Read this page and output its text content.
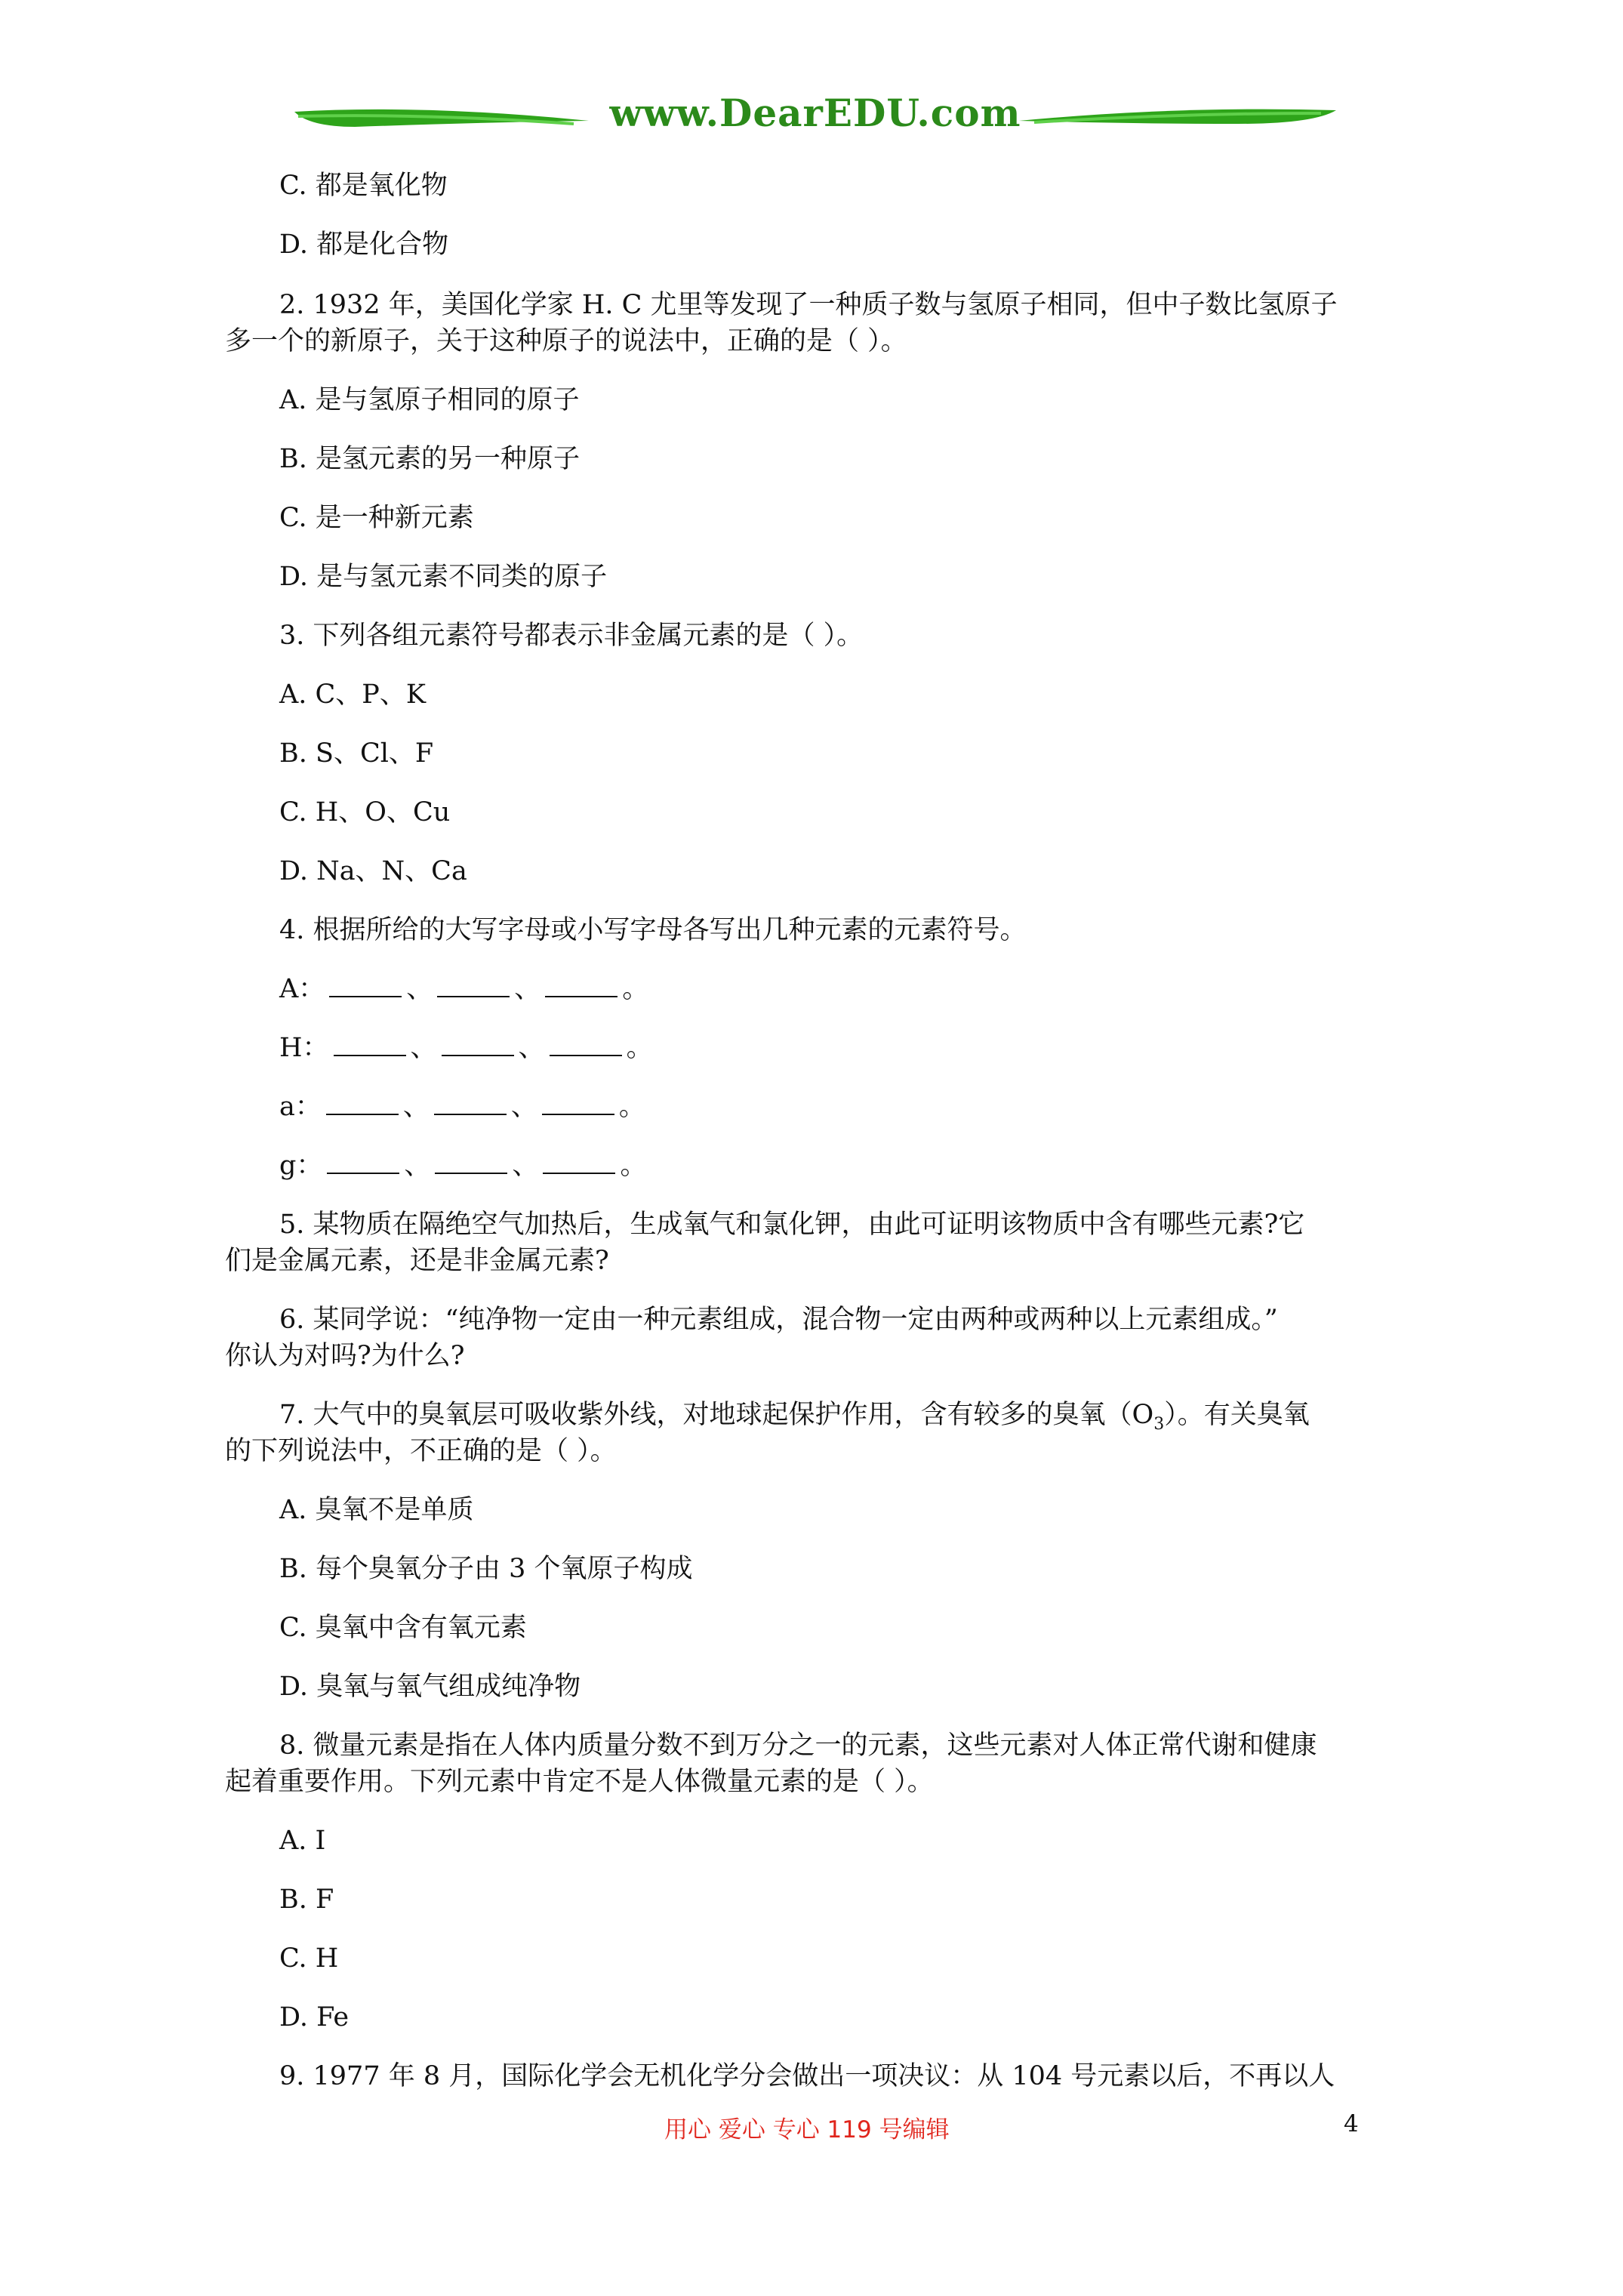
www.DearEDU.com
C. 都是氧化物
D. 都是化合物
2. 1932 年，美国化学家 H. C 尤里等发现了一种质子数与氢原子相同，但中子数比氢原子
多一个的新原子，关于这种原子的说法中，正确的是（ ）。
A. 是与氢原子相同的原子
B. 是氢元素的另一种原子
C. 是一种新元素
D. 是与氢元素不同类的原子
3. 下列各组元素符号都表示非金属元素的是（ ）。
A. C、P、K
B. S、Cl、F
C. H、O、Cu
D. Na、N、Ca
4. 根据所给的大写字母或小写字母各写出几种元素的元素符号。
A：	、	、	。
H：	、	、	。
a：	、	、	。
g：	、	、	。
5. 某物质在隔绝空气加热后，生成氧气和氯化钾，由此可证明该物质中含有哪些元素?它
们是金属元素，还是非金属元素?
6. 某同学说：“纯净物一定由一种元素组成，混合物一定由两种或两种以上元素组成。”
你认为对吗?为什么?
7. 大气中的臭氧层可吸收紫外线，对地球起保护作用，含有较多的臭氧$(O_3)$。有关臭氧
的下列说法中，不正确的是（ ）。
A. 臭氧不是单质
B. 每个臭氧分子由 3 个氧原子构成
C. 臭氧中含有氧元素
D. 臭氧与氧气组成纯净物
8. 微量元素是指在人体内质量分数不到万分之一的元素，这些元素对人体正常代谢和健康
起着重要作用。下列元素中肯定不是人体微量元素的是（ ）。
A. I
B. F
C. H
D. Fe
9. 1977 年 8 月，国际化学会无机化学分会做出一项决议：从 104 号元素以后，不再以人
用心 爱心 专心 119 号编辑	4
